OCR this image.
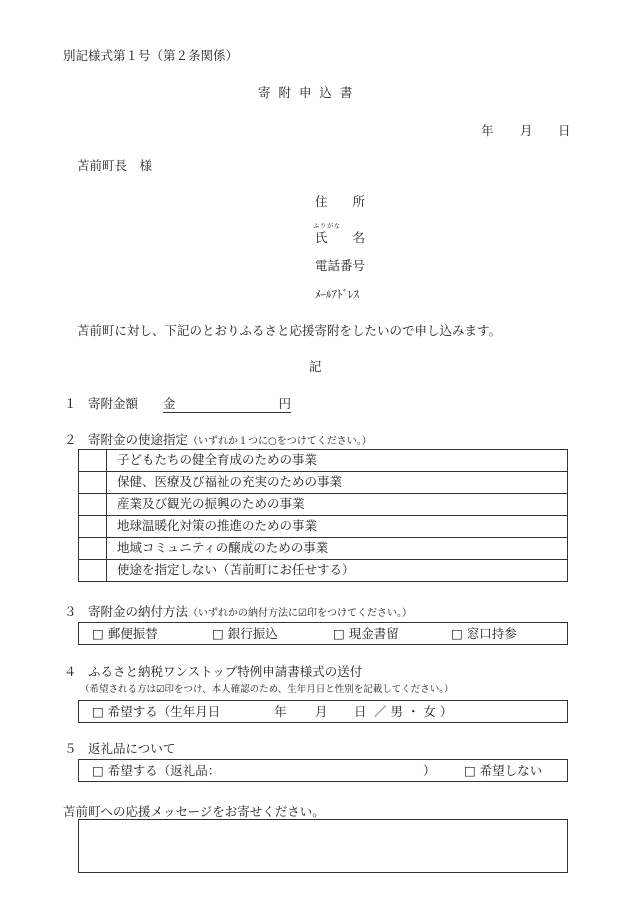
別記様式第１号（第２条関係）
寄 附 申 込 書
年 月 日
苫前町長　様
住　　所
ふりがな
氏　　名
電話番号
ﾒｰﾙｱﾄﾞﾚｽ
苫前町に対し、下記のとおりふるさと応援寄附をしたいので申し込みます。
記
１ 寄附金額 金	円
２ 寄附金の使途指定（いずれか１つに○をつけてください。）
	子どもたちの健全育成のための事業
	保健、医療及び福祉の充実のための事業
	産業及び観光の振興のための事業
	地球温暖化対策の推進のための事業
	地域コミュニティの醸成のための事業
	使途を指定しない（苫前町にお任せする）
３ 寄附金の納付方法（いずれかの納付方法に☑印をつけてください。）
□ 郵便振替	□ 銀行振込	□ 現金書留	□ 窓口持参
４ ふるさと納税ワンストップ特例申請書様式の送付
（希望される方は☑印をつけ、本人確認のため、生年月日と性別を記載してください。）
□ 希望する（生年月日	年 月 日 ／ 男 ・ 女 ）
５ 返礼品について
□ 希望する（返礼品：	） □ 希望しない
苫前町への応援メッセージをお寄せください。
